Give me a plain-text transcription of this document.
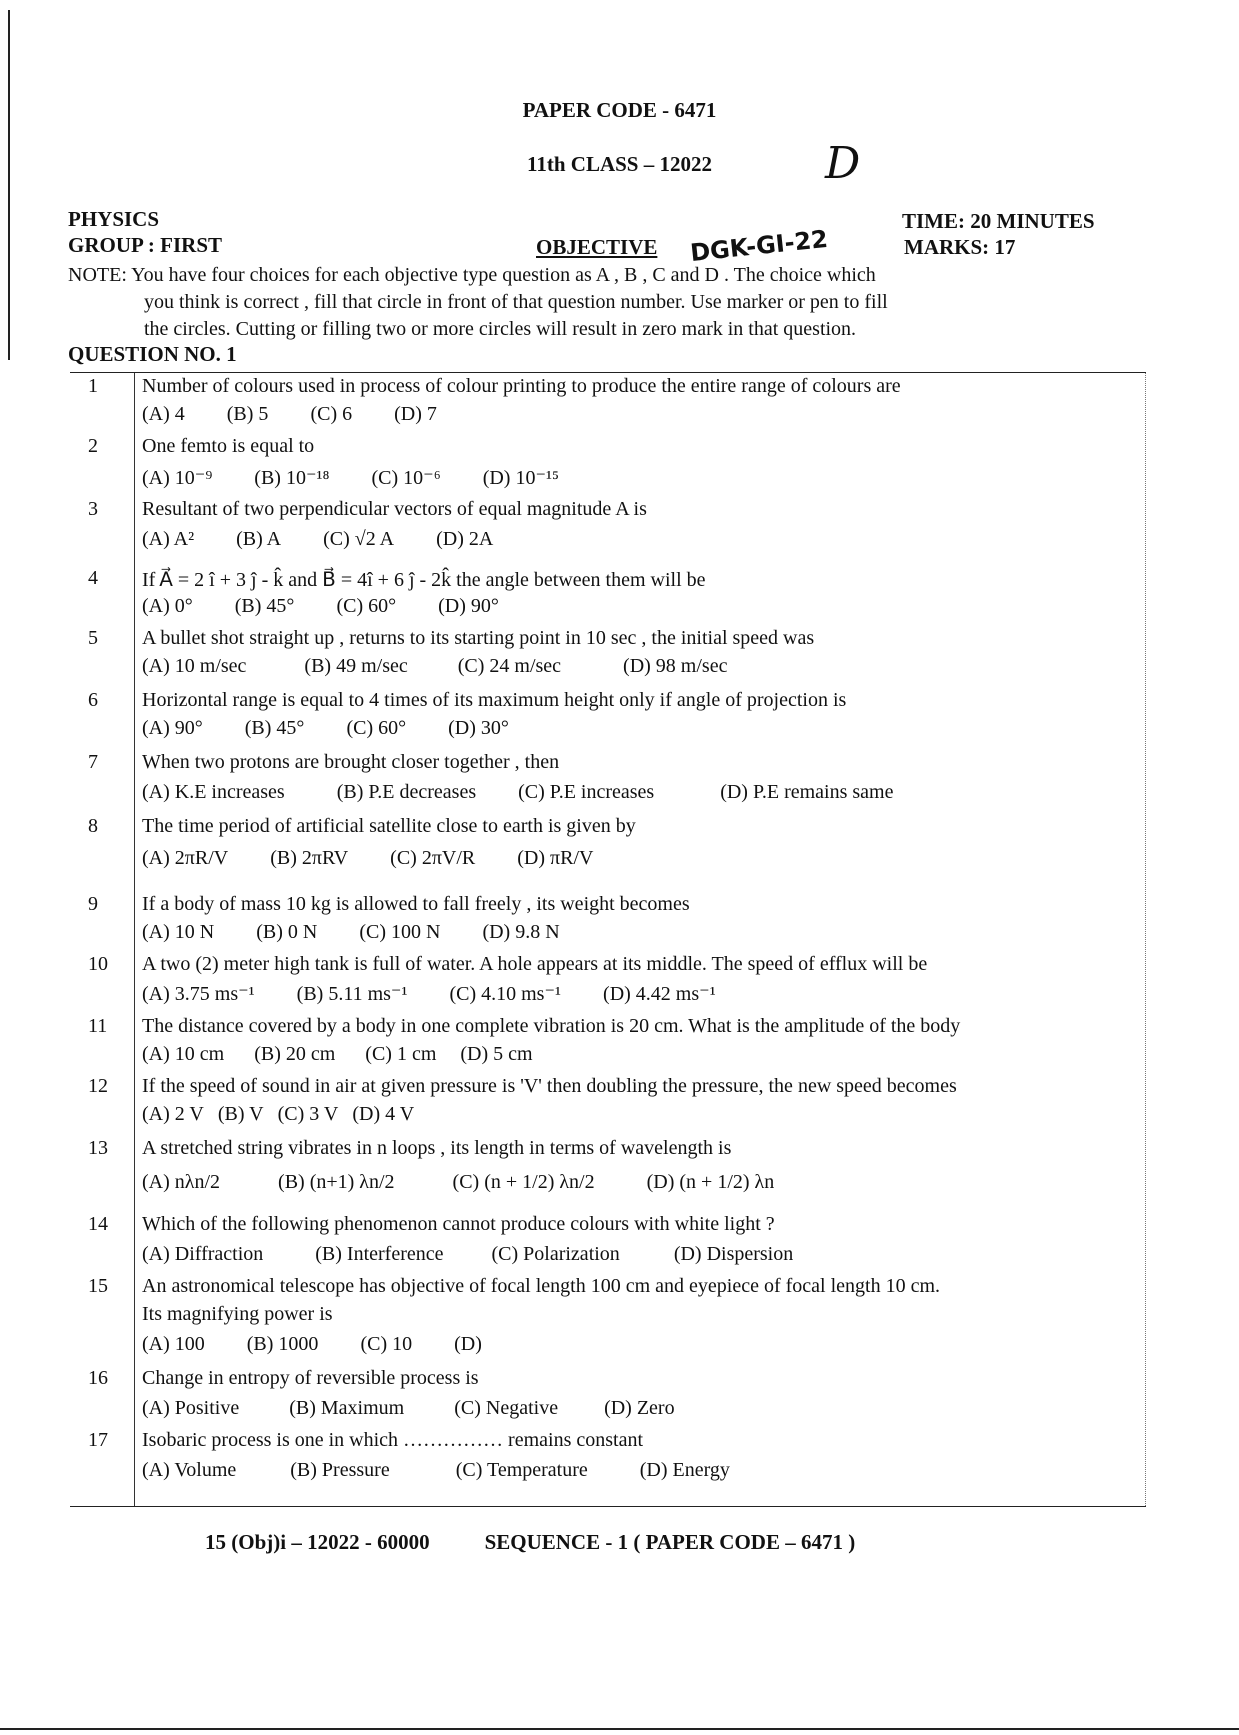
PAPER CODE - 6471
11th CLASS – 12022	D
PHYSICS	TIME: 20 MINUTES
GROUP : FIRST	OBJECTIVE DGK-GI-22	MARKS: 17
NOTE: You have four choices for each objective type question as A , B , C and D . The choice which
you think is correct , fill that circle in front of that question number. Use marker or pen to fill
the circles. Cutting or filling two or more circles will result in zero mark in that question.
QUESTION NO. 1
1	Number of colours used in process of colour printing to produce the entire range of colours are
(A) 4 (B) 5 (C) 6 (D) 7
2	One femto is equal to
(A) 10⁻⁹ (B) 10⁻¹⁸ (C) 10⁻⁶ (D) 10⁻¹⁵
3	Resultant of two perpendicular vectors of equal magnitude A is
(A) A² (B) A (C) √2 A (D) 2A
4	If A⃗ = 2 î + 3 ĵ - k̂ and B⃗ = 4î + 6 ĵ - 2k̂ the angle between them will be
(A) 0° (B) 45° (C) 60° (D) 90°
5	A bullet shot straight up , returns to its starting point in 10 sec , the initial speed was
(A) 10 m/sec	(B) 49 m/sec	(C) 24 m/sec	(D) 98 m/sec
6	Horizontal range is equal to 4 times of its maximum height only if angle of projection is
(A) 90° (B) 45° (C) 60° (D) 30°
7	When two protons are brought closer together , then
(A) K.E increases	(B) P.E decreases (C) P.E increases	(D) P.E remains same
8	The time period of artificial satellite close to earth is given by
(A) 2πR/V (B) 2πRV (C) 2πV/R (D) πR/V
9	If a body of mass 10 kg is allowed to fall freely , its weight becomes
(A) 10 N (B) 0 N (C) 100 N (D) 9.8 N
10	A two (2) meter high tank is full of water. A hole appears at its middle. The speed of efflux will be
(A) 3.75 ms⁻¹ (B) 5.11 ms⁻¹ (C) 4.10 ms⁻¹ (D) 4.42 ms⁻¹
11	The distance covered by a body in one complete vibration is 20 cm. What is the amplitude of the body
(A) 10 cm (B) 20 cm (C) 1 cm (D) 5 cm
12	If the speed of sound in air at given pressure is 'V' then doubling the pressure, the new speed becomes
(A) 2 V (B) V (C) 3 V (D) 4 V
13	A stretched string vibrates in n loops , its length in terms of wavelength is
(A) nλn/2	(B) (n+1) λn/2	(C) (n + 1/2) λn/2	(D) (n + 1/2) λn
14	Which of the following phenomenon cannot produce colours with white light ?
(A) Diffraction	(B) Interference (C) Polarization	(D) Dispersion
15	An astronomical telescope has objective of focal length 100 cm and eyepiece of focal length 10 cm.
Its magnifying power is
(A) 100 (B) 1000 (C) 10 (D)
16	Change in entropy of reversible process is
(A) Positive	(B) Maximum	(C) Negative (D) Zero
17	Isobaric process is one in which …………… remains constant
(A) Volume	(B) Pressure	(C) Temperature	(D) Energy
15 (Obj)i – 12022 - 60000	SEQUENCE - 1 ( PAPER CODE – 6471 )
